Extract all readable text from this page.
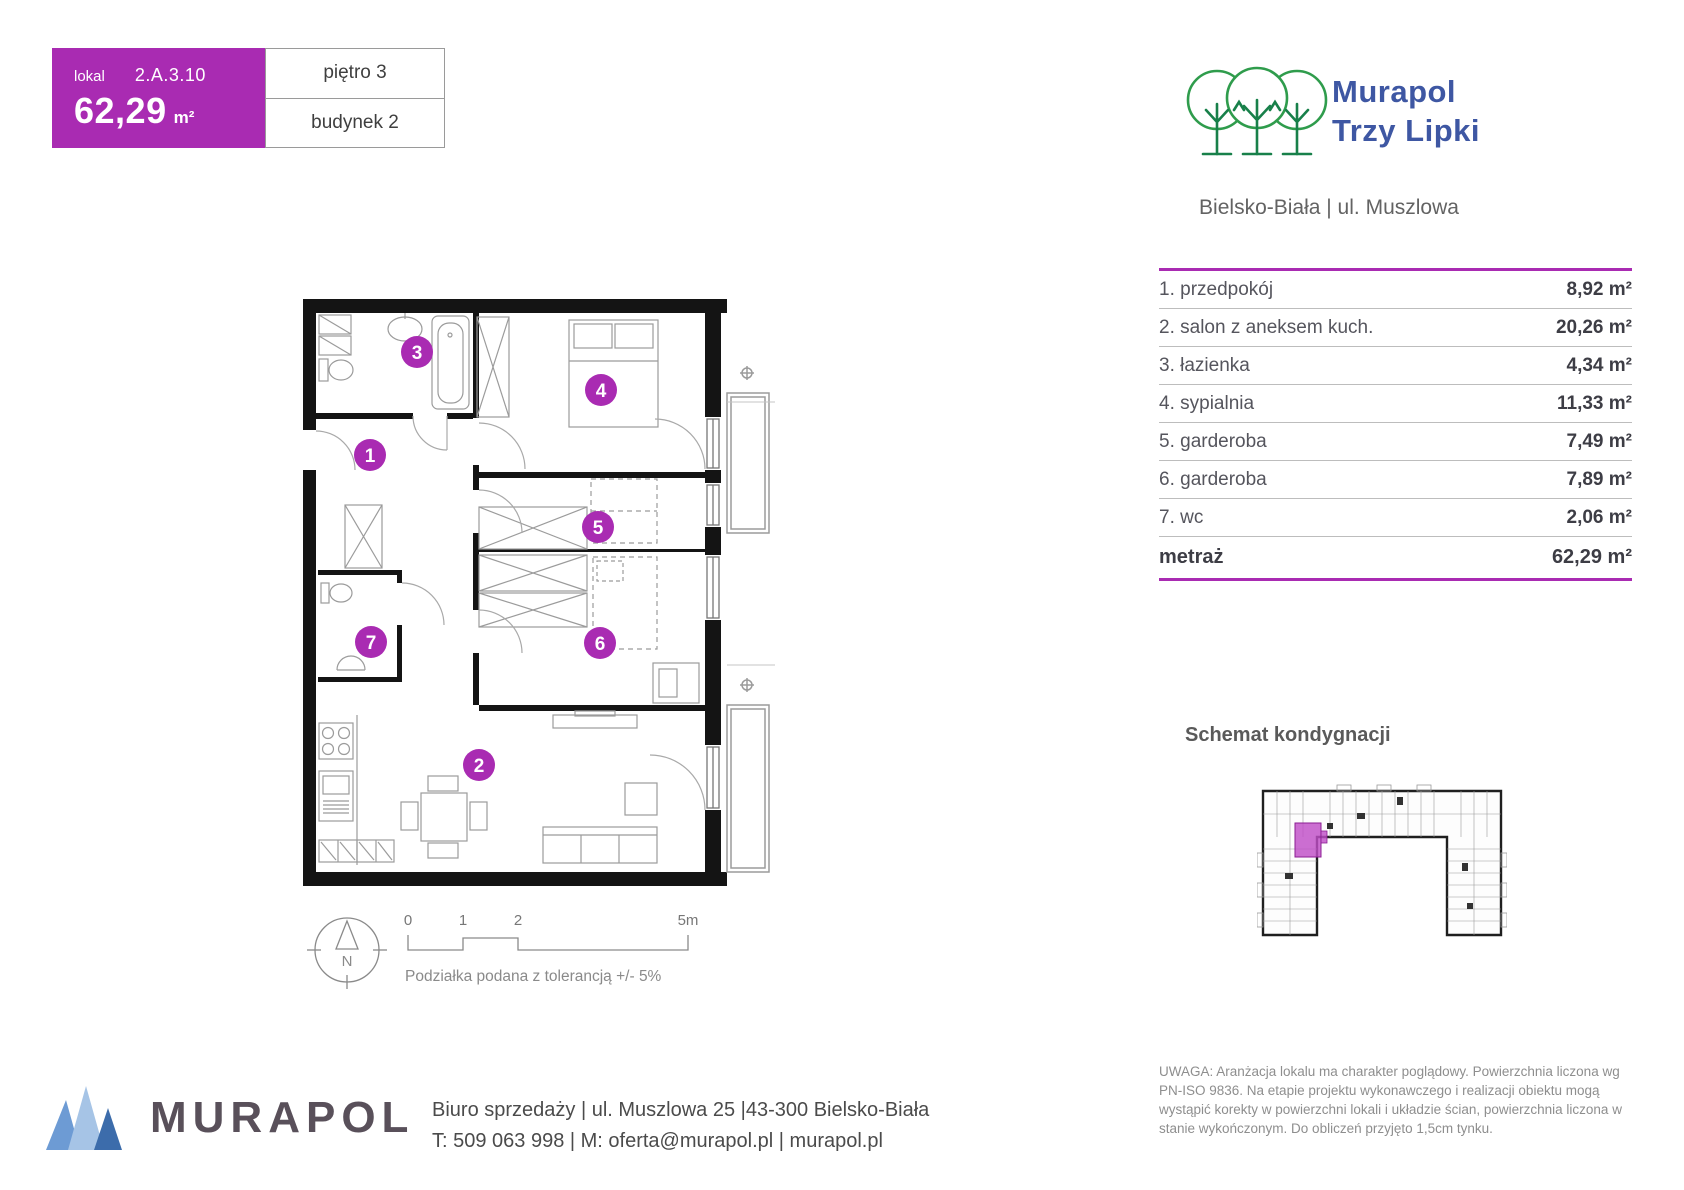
lokal 2.A.3.10
62,29 m²
piętro 3
budynek 2
Murapol
Trzy Lipki
Bielsko-Biała | ul. Muszlowa
1. przedpokój	8,92 m²
2. salon z aneksem kuch.	20,26 m²
3. łazienka	4,34 m²
4. sypialnia	11,33 m²
5. garderoba	7,49 m²
6. garderoba	7,89 m²
7. wc	2,06 m²
metraż	62,29 m²
1
2
3
4
5
6
7
N
0	1	2	5m
Podziałka podana z tolerancją +/- 5%
Schemat kondygnacji
UWAGA: Aranżacja lokalu ma charakter poglądowy. Powierzchnia liczona wg PN-ISO 9836. Na etapie projektu wykonawczego i realizacji obiektu mogą wystąpić korekty w powierzchni lokali i układzie ścian, powierzchnia liczona w stanie wykończonym. Do obliczeń przyjęto 1,5cm tynku.
MURAPOL Biuro sprzedaży | ul. Muszlowa 25 |43-300 Bielsko-Biała
T: 509 063 998 | M: oferta@murapol.pl | murapol.pl
